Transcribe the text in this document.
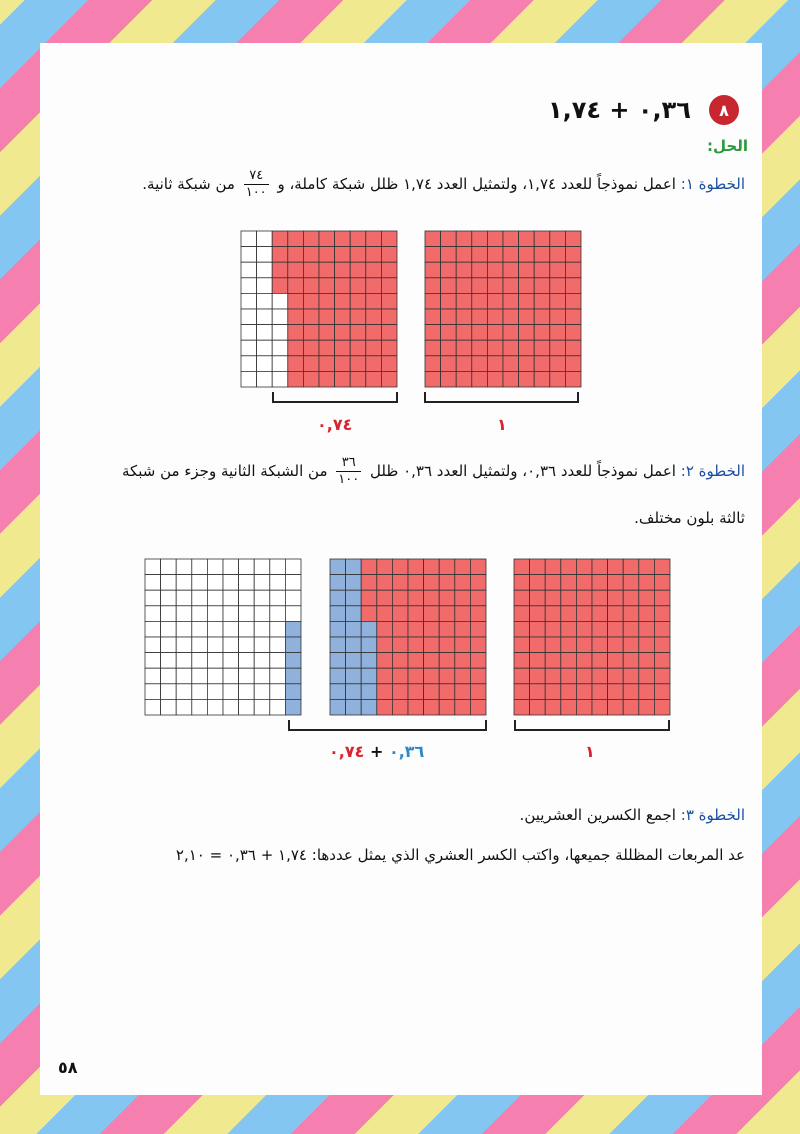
٨
٠,٣٦ + ١,٧٤
الحل:
الخطوة ١: اعمل نموذجاً للعدد ١,٧٤، ولتمثيل العدد ١,٧٤ ظلل شبكة كاملة، و
$\frac{٧٤}{١٠٠}$
من شبكة ثانية.
٠,٧٤	١
الخطوة ٢: اعمل نموذجاً للعدد ٠,٣٦، ولتمثيل العدد ٠,٣٦ ظلل
$\frac{٣٦}{١٠٠}$
من الشبكة الثانية وجزء من شبكة
ثالثة بلون مختلف.
٠,٣٦ + ٠,٧٤	١
الخطوة ٣: اجمع الكسرين العشريين.
عد المربعات المظللة جميعها، واكتب الكسر العشري الذي يمثل عددها: ١,٧٤ + ٠,٣٦ = ٢,١٠
٥٨
